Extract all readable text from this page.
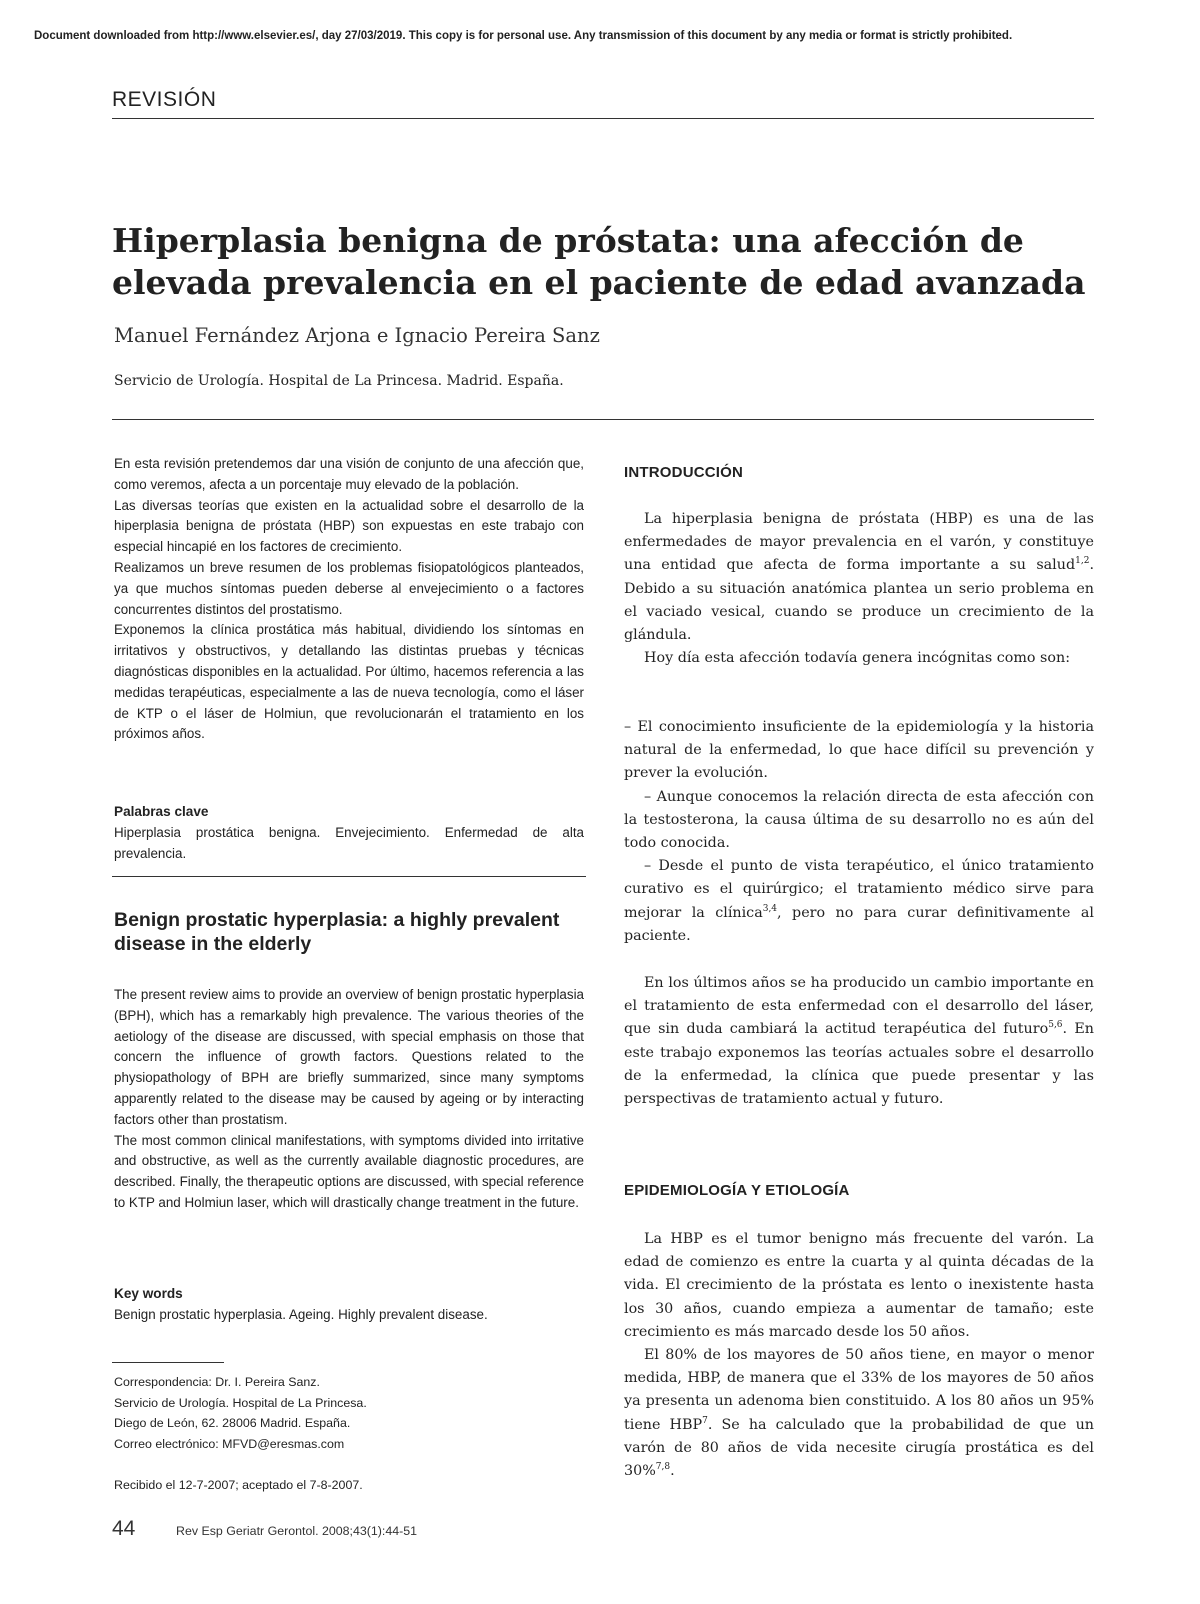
Document downloaded from http://www.elsevier.es/, day 27/03/2019. This copy is for personal use. Any transmission of this document by any media or format is strictly prohibited.
REVISIÓN
Hiperplasia benigna de próstata: una afección de elevada prevalencia en el paciente de edad avanzada
Manuel Fernández Arjona e Ignacio Pereira Sanz
Servicio de Urología. Hospital de La Princesa. Madrid. España.

En esta revisión pretendemos dar una visión de conjunto de una afección que, como veremos, afecta a un porcentaje muy elevado de la población.

Las diversas teorías que existen en la actualidad sobre el desarrollo de la hiperplasia benigna de próstata (HBP) son expuestas en este trabajo con especial hincapié en los factores de crecimiento.

Realizamos un breve resumen de los problemas fisiopatológicos planteados, ya que muchos síntomas pueden deberse al envejecimiento o a factores concurrentes distintos del prostatismo.

Exponemos la clínica prostática más habitual, dividiendo los síntomas en irritativos y obstructivos, y detallando las distintas pruebas y técnicas diagnósticas disponibles en la actualidad. Por último, hacemos referencia a las medidas terapéuticas, especialmente a las de nueva tecnología, como el láser de KTP o el láser de Holmiun, que revolucionarán el tratamiento en los próximos años.

Palabras clave

Hiperplasia prostática benigna. Envejecimiento. Enfermedad de alta prevalencia.

Benign prostatic hyperplasia: a highly prevalent disease in the elderly

The present review aims to provide an overview of benign prostatic hyperplasia (BPH), which has a remarkably high prevalence. The various theories of the aetiology of the disease are discussed, with special emphasis on those that concern the influence of growth factors. Questions related to the physiopathology of BPH are briefly summarized, since many symptoms apparently related to the disease may be caused by ageing or by interacting factors other than prostatism.

The most common clinical manifestations, with symptoms divided into irritative and obstructive, as well as the currently available diagnostic procedures, are described. Finally, the therapeutic options are discussed, with special reference to KTP and Holmiun laser, which will drastically change treatment in the future.

Key words

Benign prostatic hyperplasia. Ageing. Highly prevalent disease.

Correspondencia: Dr. I. Pereira Sanz.
Servicio de Urología. Hospital de La Princesa.
Diego de León, 62. 28006 Madrid. España.
Correo electrónico: MFVD@eresmas.com
Recibido el 12-7-2007; aceptado el 7-8-2007.
44	Rev Esp Geriatr Gerontol. 2008;43(1):44-51

INTRODUCCIÓN

La hiperplasia benigna de próstata (HBP) es una de las enfermedades de mayor prevalencia en el varón, y constituye una entidad que afecta de forma importante a su salud$^{1,2}$. Debido a su situación anatómica plantea un serio problema en el vaciado vesical, cuando se produce un crecimiento de la glándula.

Hoy día esta afección todavía genera incógnitas como son:

– El conocimiento insuficiente de la epidemiología y la historia natural de la enfermedad, lo que hace difícil su prevención y prever la evolución.

– Aunque conocemos la relación directa de esta afección con la testosterona, la causa última de su desarrollo no es aún del todo conocida.

– Desde el punto de vista terapéutico, el único tratamiento curativo es el quirúrgico; el tratamiento médico sirve para mejorar la clínica$^{3,4}$, pero no para curar definitivamente al paciente.

En los últimos años se ha producido un cambio importante en el tratamiento de esta enfermedad con el desarrollo del láser, que sin duda cambiará la actitud terapéutica del futuro$^{5,6}$. En este trabajo exponemos las teorías actuales sobre el desarrollo de la enfermedad, la clínica que puede presentar y las perspectivas de tratamiento actual y futuro.

EPIDEMIOLOGÍA Y ETIOLOGÍA

La HBP es el tumor benigno más frecuente del varón. La edad de comienzo es entre la cuarta y al quinta décadas de la vida. El crecimiento de la próstata es lento o inexistente hasta los 30 años, cuando empieza a aumentar de tamaño; este crecimiento es más marcado desde los 50 años.

El 80% de los mayores de 50 años tiene, en mayor o menor medida, HBP, de manera que el 33% de los mayores de 50 años ya presenta un adenoma bien constituido. A los 80 años un 95% tiene HBP$^7$. Se ha calculado que la probabilidad de que un varón de 80 años de vida necesite cirugía prostática es del 30%$^{7,8}$.
